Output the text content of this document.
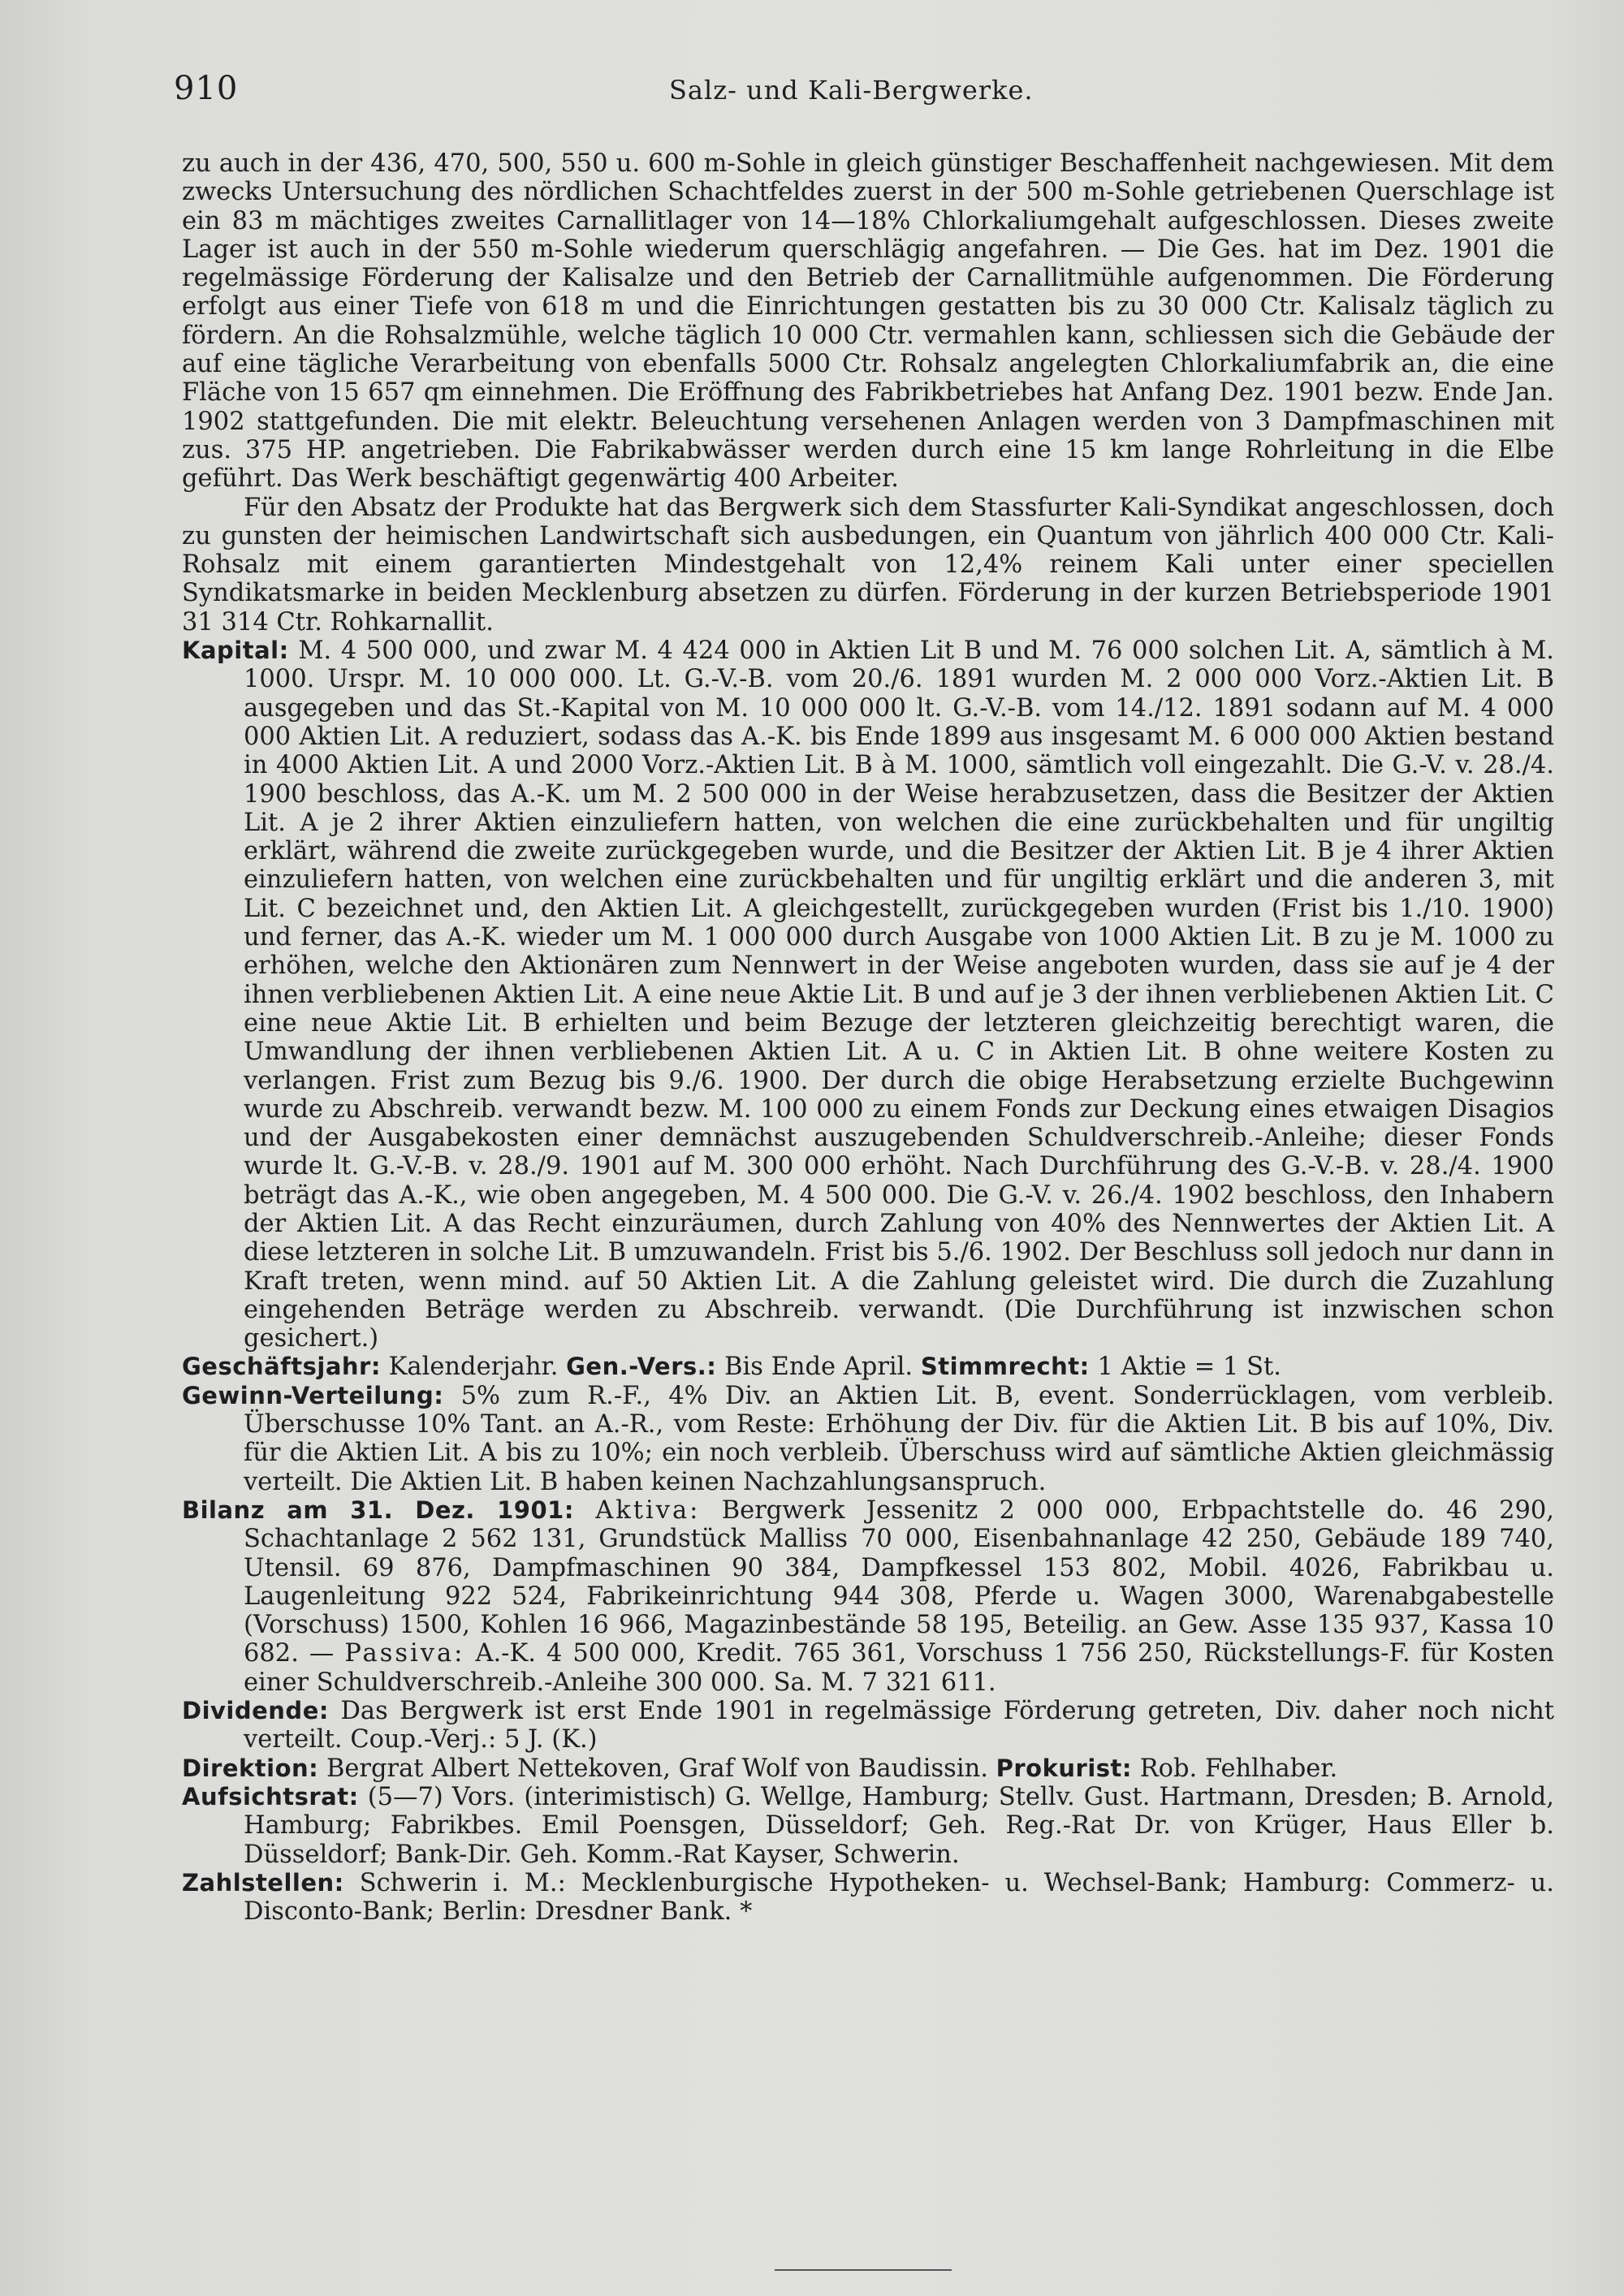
910	Salz- und Kali-Bergwerke.

zu auch in der 436, 470, 500, 550 u. 600 m-Sohle in gleich günstiger Beschaffenheit nachgewiesen. Mit dem zwecks Untersuchung des nördlichen Schachtfeldes zuerst in der 500 m-Sohle getriebenen Querschlage ist ein 83 m mächtiges zweites Carnallitlager von 14—18% Chlorkaliumgehalt aufgeschlossen. Dieses zweite Lager ist auch in der 550 m-Sohle wiederum querschlägig angefahren. — Die Ges. hat im Dez. 1901 die regelmässige Förderung der Kalisalze und den Betrieb der Carnallitmühle aufgenommen. Die Förderung erfolgt aus einer Tiefe von 618 m und die Einrichtungen gestatten bis zu 30 000 Ctr. Kalisalz täglich zu fördern. An die Rohsalzmühle, welche täglich 10 000 Ctr. vermahlen kann, schliessen sich die Gebäude der auf eine tägliche Verarbeitung von ebenfalls 5000 Ctr. Rohsalz angelegten Chlorkaliumfabrik an, die eine Fläche von 15 657 qm einnehmen. Die Eröffnung des Fabrikbetriebes hat Anfang Dez. 1901 bezw. Ende Jan. 1902 stattgefunden. Die mit elektr. Beleuchtung versehenen Anlagen werden von 3 Dampfmaschinen mit zus. 375 HP. angetrieben. Die Fabrikabwässer werden durch eine 15 km lange Rohrleitung in die Elbe geführt. Das Werk beschäftigt gegenwärtig 400 Arbeiter.

Für den Absatz der Produkte hat das Bergwerk sich dem Stassfurter Kali-Syndikat angeschlossen, doch zu gunsten der heimischen Landwirtschaft sich ausbedungen, ein Quantum von jährlich 400 000 Ctr. Kali-Rohsalz mit einem garantierten Mindestgehalt von 12,4% reinem Kali unter einer speciellen Syndikatsmarke in beiden Mecklenburg absetzen zu dürfen. Förderung in der kurzen Betriebsperiode 1901 31 314 Ctr. Rohkarnallit.

Kapital: M. 4 500 000, und zwar M. 4 424 000 in Aktien Lit B und M. 76 000 solchen Lit. A, sämtlich à M. 1000. Urspr. M. 10 000 000. Lt. G.-V.-B. vom 20./6. 1891 wurden M. 2 000 000 Vorz.-Aktien Lit. B ausgegeben und das St.-Kapital von M. 10 000 000 lt. G.-V.-B. vom 14./12. 1891 sodann auf M. 4 000 000 Aktien Lit. A reduziert, sodass das A.-K. bis Ende 1899 aus insgesamt M. 6 000 000 Aktien bestand in 4000 Aktien Lit. A und 2000 Vorz.-Aktien Lit. B à M. 1000, sämtlich voll eingezahlt. Die G.-V. v. 28./4. 1900 beschloss, das A.-K. um M. 2 500 000 in der Weise herabzusetzen, dass die Besitzer der Aktien Lit. A je 2 ihrer Aktien einzuliefern hatten, von welchen die eine zurückbehalten und für ungiltig erklärt, während die zweite zurückgegeben wurde, und die Besitzer der Aktien Lit. B je 4 ihrer Aktien einzuliefern hatten, von welchen eine zurückbehalten und für ungiltig erklärt und die anderen 3, mit Lit. C bezeichnet und, den Aktien Lit. A gleichgestellt, zurückgegeben wurden (Frist bis 1./10. 1900) und ferner, das A.-K. wieder um M. 1 000 000 durch Ausgabe von 1000 Aktien Lit. B zu je M. 1000 zu erhöhen, welche den Aktionären zum Nennwert in der Weise angeboten wurden, dass sie auf je 4 der ihnen verbliebenen Aktien Lit. A eine neue Aktie Lit. B und auf je 3 der ihnen verbliebenen Aktien Lit. C eine neue Aktie Lit. B erhielten und beim Bezuge der letzteren gleichzeitig berechtigt waren, die Umwandlung der ihnen verbliebenen Aktien Lit. A u. C in Aktien Lit. B ohne weitere Kosten zu verlangen. Frist zum Bezug bis 9./6. 1900. Der durch die obige Herabsetzung erzielte Buchgewinn wurde zu Abschreib. verwandt bezw. M. 100 000 zu einem Fonds zur Deckung eines etwaigen Disagios und der Ausgabekosten einer demnächst auszugebenden Schuldverschreib.-Anleihe; dieser Fonds wurde lt. G.-V.-B. v. 28./9. 1901 auf M. 300 000 erhöht. Nach Durchführung des G.-V.-B. v. 28./4. 1900 beträgt das A.-K., wie oben angegeben, M. 4 500 000. Die G.-V. v. 26./4. 1902 beschloss, den Inhabern der Aktien Lit. A das Recht einzuräumen, durch Zahlung von 40% des Nennwertes der Aktien Lit. A diese letzteren in solche Lit. B umzuwandeln. Frist bis 5./6. 1902. Der Beschluss soll jedoch nur dann in Kraft treten, wenn mind. auf 50 Aktien Lit. A die Zahlung geleistet wird. Die durch die Zuzahlung eingehenden Beträge werden zu Abschreib. verwandt. (Die Durchführung ist inzwischen schon gesichert.)

Geschäftsjahr: Kalenderjahr. Gen.-Vers.: Bis Ende April. Stimmrecht: 1 Aktie = 1 St.

Gewinn-Verteilung: 5% zum R.-F., 4% Div. an Aktien Lit. B, event. Sonderrücklagen, vom verbleib. Überschusse 10% Tant. an A.-R., vom Reste: Erhöhung der Div. für die Aktien Lit. B bis auf 10%, Div. für die Aktien Lit. A bis zu 10%; ein noch verbleib. Überschuss wird auf sämtliche Aktien gleichmässig verteilt. Die Aktien Lit. B haben keinen Nachzahlungsanspruch.

Bilanz am 31. Dez. 1901: Aktiva: Bergwerk Jessenitz 2 000 000, Erbpachtstelle do. 46 290, Schachtanlage 2 562 131, Grundstück Malliss 70 000, Eisenbahnanlage 42 250, Gebäude 189 740, Utensil. 69 876, Dampfmaschinen 90 384, Dampfkessel 153 802, Mobil. 4026, Fabrikbau u. Laugenleitung 922 524, Fabrikeinrichtung 944 308, Pferde u. Wagen 3000, Warenabgabestelle (Vorschuss) 1500, Kohlen 16 966, Magazinbestände 58 195, Beteilig. an Gew. Asse 135 937, Kassa 10 682. — Passiva: A.-K. 4 500 000, Kredit. 765 361, Vorschuss 1 756 250, Rückstellungs-F. für Kosten einer Schuldverschreib.-Anleihe 300 000. Sa. M. 7 321 611.

Dividende: Das Bergwerk ist erst Ende 1901 in regelmässige Förderung getreten, Div. daher noch nicht verteilt. Coup.-Verj.: 5 J. (K.)

Direktion: Bergrat Albert Nettekoven, Graf Wolf von Baudissin. Prokurist: Rob. Fehlhaber.

Aufsichtsrat: (5—7) Vors. (interimistisch) G. Wellge, Hamburg; Stellv. Gust. Hartmann, Dresden; B. Arnold, Hamburg; Fabrikbes. Emil Poensgen, Düsseldorf; Geh. Reg.-Rat Dr. von Krüger, Haus Eller b. Düsseldorf; Bank-Dir. Geh. Komm.-Rat Kayser, Schwerin.

Zahlstellen: Schwerin i. M.: Mecklenburgische Hypotheken- u. Wechsel-Bank; Hamburg: Commerz- u. Disconto-Bank; Berlin: Dresdner Bank. *
